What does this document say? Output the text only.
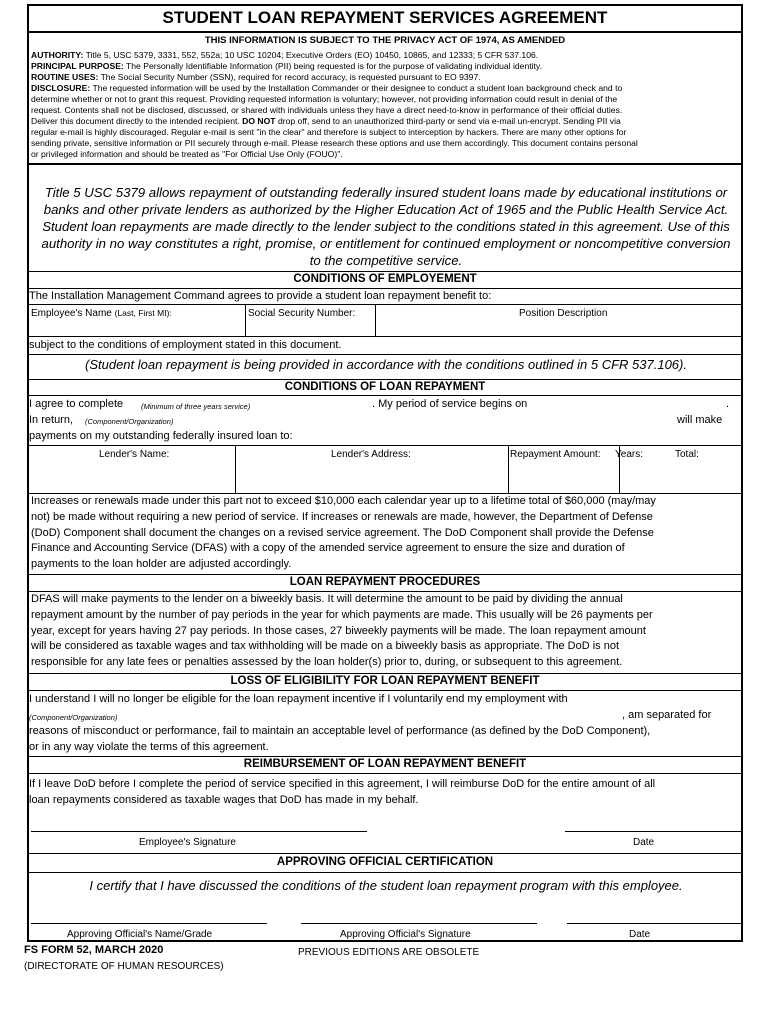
STUDENT LOAN REPAYMENT SERVICES AGREEMENT
THIS INFORMATION IS SUBJECT TO THE PRIVACY ACT OF 1974, AS AMENDED
AUTHORITY: Title 5, USC 5379, 3331, 552, 552a; 10 USC 10204; Executive Orders (EO) 10450, 10865, and 12333; 5 CFR 537.106.
PRINCIPAL PURPOSE: The Personally Identifiable Information (PII) being requested is for the purpose of validating individual identity.
ROUTINE USES: The Social Security Number (SSN), required for record accuracy, is requested pursuant to EO 9397.
DISCLOSURE: The requested information will be used by the Installation Commander or their designee to conduct a student loan background check and to
determine whether or not to grant this request. Providing requested information is voluntary; however, not providing information could result in denial of the
request. Contents shall not be disclosed, discussed, or shared with individuals unless they have a direct need-to-know in performance of their official duties.
Deliver this document directly to the intended recipient. DO NOT drop off, send to an unauthorized third-party or send via e-mail un-encrypt. Sending PII via
regular e-mail is highly discouraged. Regular e-mail is sent "in the clear" and therefore is subject to interception by hackers. There are many other options for
sending private, sensitive information or PII securely through e-mail. Please research these options and use them accordingly. This document contains personal
or privileged information and should be treated as "For Official Use Only (FOUO)".
Title 5 USC 5379 allows repayment of outstanding federally insured student loans made by educational institutions or
banks and other private lenders as authorized by the Higher Education Act of 1965 and the Public Health Service Act.
Student loan repayments are made directly to the lender subject to the conditions stated in this agreement. Use of this
authority in no way constitutes a right, promise, or entitlement for continued employment or noncompetitive conversion
to the competitive service.
CONDITIONS OF EMPLOYEMENT
The Installation Management Command agrees to provide a student loan repayment benefit to:
Employee's Name (Last, First MI):	Social Security Number:	Position Description
subject to the conditions of employment stated in this document.
(Student loan repayment is being provided in accordance with the conditions outlined in 5 CFR 537.106).
CONDITIONS OF LOAN REPAYMENT
I agree to complete (Minimum of three years service)	. My period of service begins on	.
In return, (Component/Organization)	will make
payments on my outstanding federally insured loan to:
Lender's Name:	Lender's Address:	Repayment Amount: Years:	Total:
Increases or renewals made under this part not to exceed $10,000 each calendar year up to a lifetime total of $60,000 (may/may
not) be made without requiring a new period of service. If increases or renewals are made, however, the Department of Defense
(DoD) Component shall document the changes on a revised service agreement. The DoD Component shall provide the Defense
Finance and Accounting Service (DFAS) with a copy of the amended service agreement to ensure the size and duration of
payments to the loan holder are adjusted accordingly.
LOAN REPAYMENT PROCEDURES
DFAS will make payments to the lender on a biweekly basis. It will determine the amount to be paid by dividing the annual
repayment amount by the number of pay periods in the year for which payments are made. This usually will be 26 payments per
year, except for years having 27 pay periods. In those cases, 27 biweekly payments will be made. The loan repayment amount
will be considered as taxable wages and tax withholding will be made on a biweekly basis as appropriate. The DoD is not
responsible for any late fees or penalties assessed by the loan holder(s) prior to, during, or subsequent to this agreement.
LOSS OF ELIGIBILITY FOR LOAN REPAYMENT BENEFIT
I understand I will no longer be eligible for the loan repayment incentive if I voluntarily end my employment with
(Component/Organization)	, am separated for
reasons of misconduct or performance, fail to maintain an acceptable level of performance (as defined by the DoD Component),
or in any way violate the terms of this agreement.
REIMBURSEMENT OF LOAN REPAYMENT BENEFIT
If I leave DoD before I complete the period of service specified in this agreement, I will reimburse DoD for the entire amount of all
loan repayments considered as taxable wages that DoD has made in my behalf.
Employee's Signature	Date
APPROVING OFFICIAL CERTIFICATION
I certify that I have discussed the conditions of the student loan repayment program with this employee.
Approving Official's Name/Grade	Approving Official's Signature	Date
FS FORM 52, MARCH 2020	PREVIOUS EDITIONS ARE OBSOLETE
(DIRECTORATE OF HUMAN RESOURCES)
